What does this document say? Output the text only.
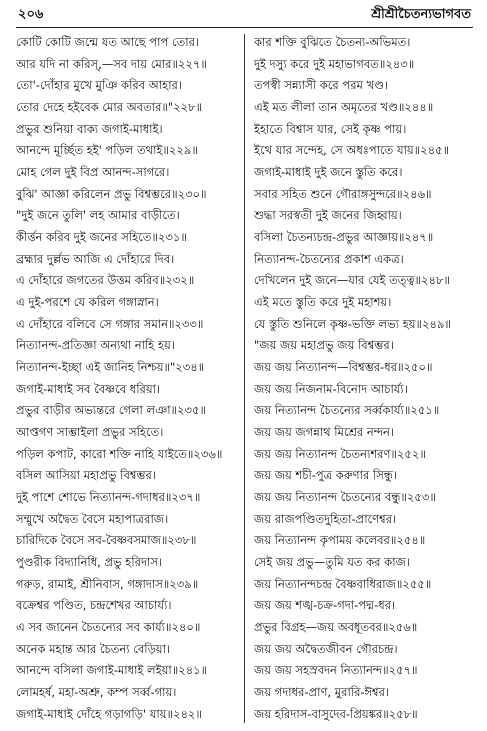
২০৬	শ্রীশ্রীচৈতন্যভাগবত
কোটি কোটি জন্মে যত আছে পাপ তোর।
আর যদি না করিস্,—সব দায় মোর॥২২৭॥
তো'-দোঁহার মুখে মুঞি করিব আহার।
তোর দেহে হইবেক মোর অবতার॥"২২৮॥
প্রভুর শুনিয়া বাক্য জগাই-মাধাই।
আনন্দে মূর্চ্ছিত হই' পড়িল তথাই॥২২৯॥
মোহ গেল দুই বিপ্র আনন্দ-সাগরে।
বুঝি' আজ্ঞা করিলেন প্রভু বিশ্বম্ভরে॥২৩০॥
"দুই জনে তুলি' লহ আমার বাড়ীতে।
কীর্ত্তন করিব দুই জনের সহিতে॥২৩১॥
ব্রহ্মার দুর্ল্লভ আজি এ দোঁহারে দিব।
এ দোঁহারে জগতের উত্তম করিব॥২৩২॥
এ দুই-পরশে যে করিল গঙ্গাস্নান।
এ দোঁহারে বলিবে সে গঙ্গার সমান॥২৩৩॥
নিত্যানন্দ-প্রতিজ্ঞা অন্যথা নাহি হয়।
নিত্যানন্দ-ইচ্ছা এই জানিহ নিশ্চয়॥"২৩৪॥
জগাই-মাধাই সব বৈষ্ণবে ধরিয়া।
প্রভুর বাড়ীর অভ্যন্তরে গেলা লঞা॥২৩৫॥
আপ্তগণ সাম্ভাইলা প্রভুর সহিতে।
পড়িল কপাট, কারো শক্তি নাহি যাইতে॥২৩৬॥
বসিল আসিয়া মহাপ্রভু বিশ্বম্ভর।
দুই পাশে শোভে নিত্যানন্দ-গদাধর॥২৩৭॥
সম্মুখে অদ্বৈত বৈসে মহাপাত্ররাজ।
চারিদিকে বৈসে সব-বৈষ্ণবসমাজ॥২৩৮॥
পুণ্ডরীক বিদ্যানিধি, প্রভু হরিদাস।
গরুড়, রামাই, শ্রীনিবাস, গঙ্গাদাস॥২৩৯॥
বক্রেশ্বর পণ্ডিত, চন্দ্রশেখর আচার্য্য।
এ সব জানেন চৈতন্যের সব কার্য্য॥২৪০॥
অনেক মহান্ত আর চৈতন্য বেড়িয়া।
আনন্দে বসিলা জগাই-মাধাই লইয়া॥২৪১॥
লোমহর্ষ, মহা-অশ্রু, কম্প সর্ব্ব-গায়।
জগাই-মাধাই দোঁহে গড়াগড়ি' যায়॥২৪২॥
কার শক্তি বুঝিতে চৈতন্য-অভিমত।
দুই দস্যু করে দুই মহাভাগবত॥২৪৩॥
তপস্বী সন্ন্যাসী করে পরম খণ্ড।
এই মত লীলা তান অমৃতের খণ্ড॥২৪৪॥
ইহাতে বিশ্বাস যার, সেই কৃষ্ণ পায়।
ইথে যার সন্দেহ, সে অধঃপাতে যায়॥২৪৫॥
জগাই-মাধাই দুই জনে স্তুতি করে।
সবার সহিত শুনে গৌরাঙ্গসুন্দরে॥২৪৬॥
শুদ্ধা সরস্বতী দুই জনের জিহ্বায়।
বসিলা চৈতন্যচন্দ্র-প্রভুর আজ্ঞায়॥২৪৭॥
নিত্যানন্দ-চৈতন্যের প্রকাশ একত্র।
দেখিলেন দুই জনে—যার যেই তত্ত্ব॥২৪৮॥
এই মতে স্তুতি করে দুই মহাশয়।
যে স্তুতি শুনিলে কৃষ্ণ-ভক্তি লভ্য হয়॥২৪৯॥
"জয় জয় মহাপ্রভু জয় বিশ্বম্ভর।
জয় জয় নিত্যানন্দ—বিশ্বম্ভর-ধর॥২৫০॥
জয় জয় নিজনাম-বিনোদ আচার্য্য।
জয় নিত্যানন্দ চৈতন্যের সর্ব্বকার্য্য॥২৫১॥
জয় জয় জগন্নাথ মিশ্রের নন্দন।
জয় জয় নিত্যানন্দ চৈতন্যশরণ॥২৫২॥
জয় জয় শচী-পুত্র করুণার সিন্ধু।
জয় জয় নিত্যানন্দ চৈতন্যের বন্ধু॥২৫৩॥
জয় রাজপণ্ডিতদুহিতা-প্রাণেশ্বর।
জয় নিত্যানন্দ কৃপাময় কলেবর॥২৫৪॥
সেই জয় প্রভু—তুমি যত কর কাজ।
জয় নিত্যানন্দচন্দ্র বৈষ্ণবাধিরাজ॥২৫৫॥
জয় জয় শঙ্খ-চক্র-গদা-পদ্ম-ধর।
প্রভুর বিগ্রহ—জয় অবধূতবর॥২৫৬॥
জয় জয় অদ্বৈতজীবন গৌরচন্দ্র।
জয় জয় সহস্রবদন নিত্যানন্দ॥২৫৭॥
জয় গদাধর-প্রাণ, মুরারি-ঈশ্বর।
জয় হরিদাস-বাসুদেব-প্রিয়ঙ্কর॥২৫৮॥
